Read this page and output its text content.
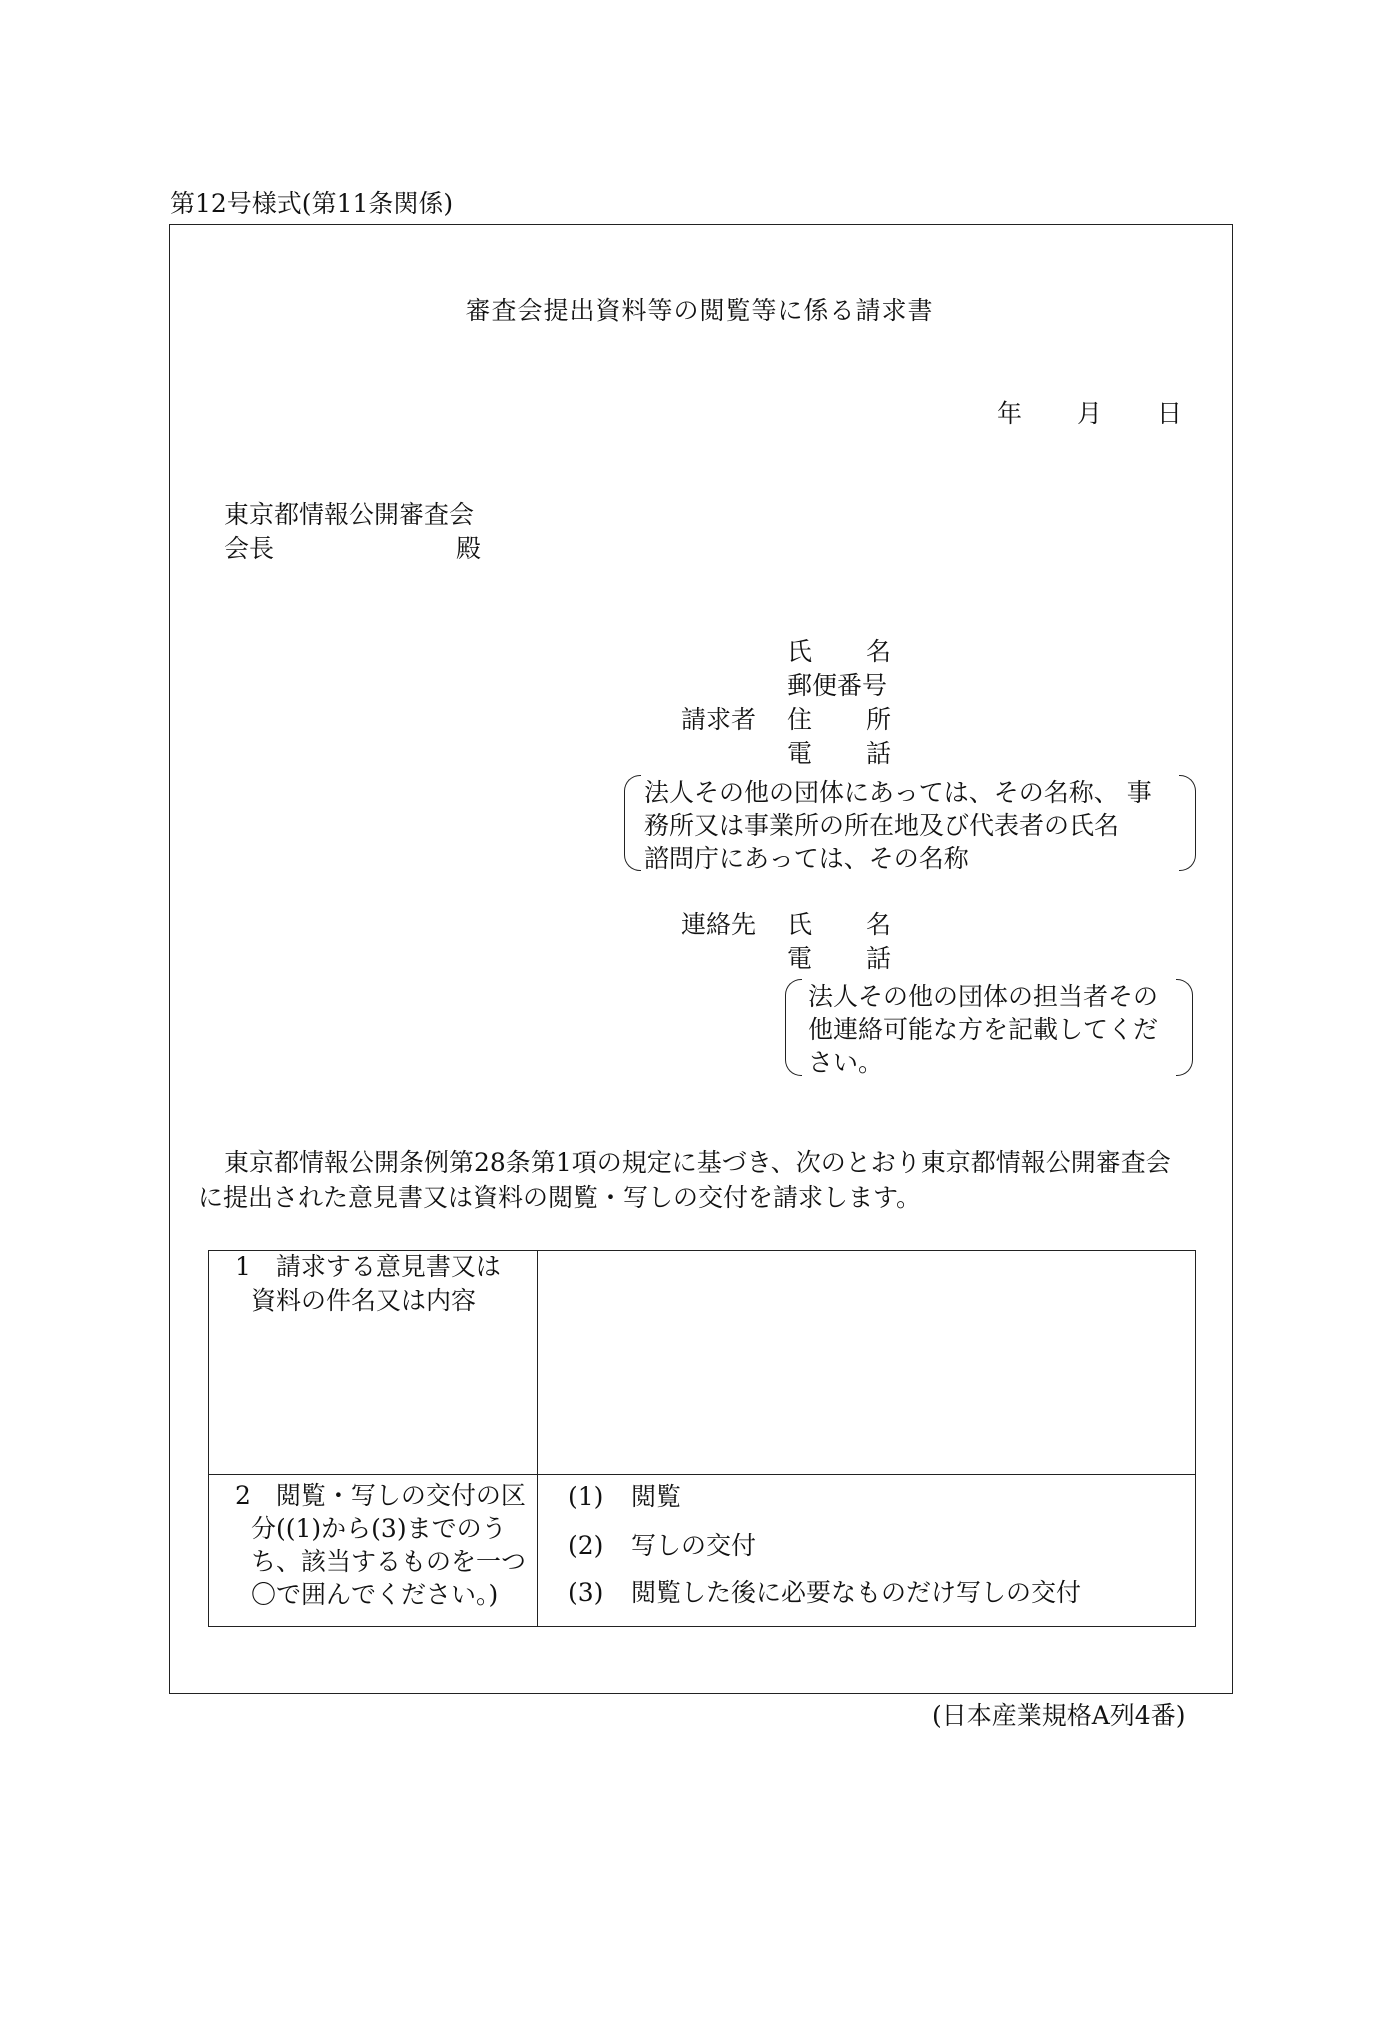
第12号様式(第11条関係)
審査会提出資料等の閲覧等に係る請求書
年 月 日
東京都情報公開審査会
会長	殿
氏 名
郵便番号
請求者 住 所
電 話
法人その他の団体にあっては、その名称、 事
務所又は事業所の所在地及び代表者の氏名
諮問庁にあっては、その名称
連絡先 氏 名
電 話
法人その他の団体の担当者その
他連絡可能な方を記載してくだ
さい。
東京都情報公開条例第28条第1項の規定に基づき、次のとおり東京都情報公開審査会
に提出された意見書又は資料の閲覧・写しの交付を請求します。
1　請求する意見書又は
資料の件名又は内容
2　閲覧・写しの交付の区
分((1)から(3)までのう
ち、該当するものを一つ
〇で囲んでください。)
(1) 閲覧
(2) 写しの交付
(3) 閲覧した後に必要なものだけ写しの交付
(日本産業規格A列4番)
